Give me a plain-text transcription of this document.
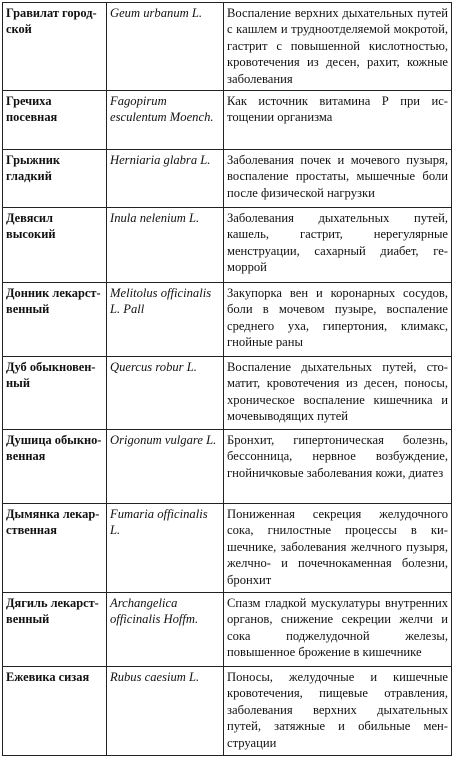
Гравилат городской	Geum urbanum L.	Воспаление верхних дыхательных путей с кашлем и трудноотделяемой мокротой, гастрит с повышенной кислотностью, кровотечения из десен, рахит, кожные заболевания
Гречиха посевная	Fagopirum esculentum Moench.	Как источник витамина Р при истощении организма
Грыжник гладкий	Herniaria glabra L.	Заболевания почек и мочевого пузыря, воспаление простаты, мышечные боли после физической нагрузки
Девясил высокий	Inula nelenium L.	Заболевания дыхательных путей, кашель, гастрит, нерегулярные менструации, сахарный диабет, геморрой
Донник лекарственный	Melitolus officinalis L. Pall	Закупорка вен и коронарных сосудов, боли в мочевом пузыре, воспаление среднего уха, гипертония, климакс, гнойные раны
Дуб обыкновенный	Quercus robur L.	Воспаление дыхательных путей, стоматит, кровотечения из десен, поносы, хроническое воспаление кишечника и мочевыводящих путей
Душица обыкновенная	Origonum vulgare L.	Бронхит, гипертоническая болезнь, бессонница, нервное возбуждение, гнойничковые заболевания кожи, диатез
Дымянка лекарственная	Fumaria officinalis L.	Пониженная секреция желудочного сока, гнилостные процессы в кишечнике, заболевания желчного пузыря, желчно- и почечнокаменная болезни, бронхит
Дягиль лекарственный	Archangelica officinalis Hoffm.	Спазм гладкой мускулатуры внутренних органов, снижение секреции желчи и сока поджелудочной железы, повышенное брожение в кишечнике
Ежевика сизая	Rubus caesium L.	Поносы, желудочные и кишечные кровотечения, пищевые отравления, заболевания верхних дыхательных путей, затяжные и обильные менструации
